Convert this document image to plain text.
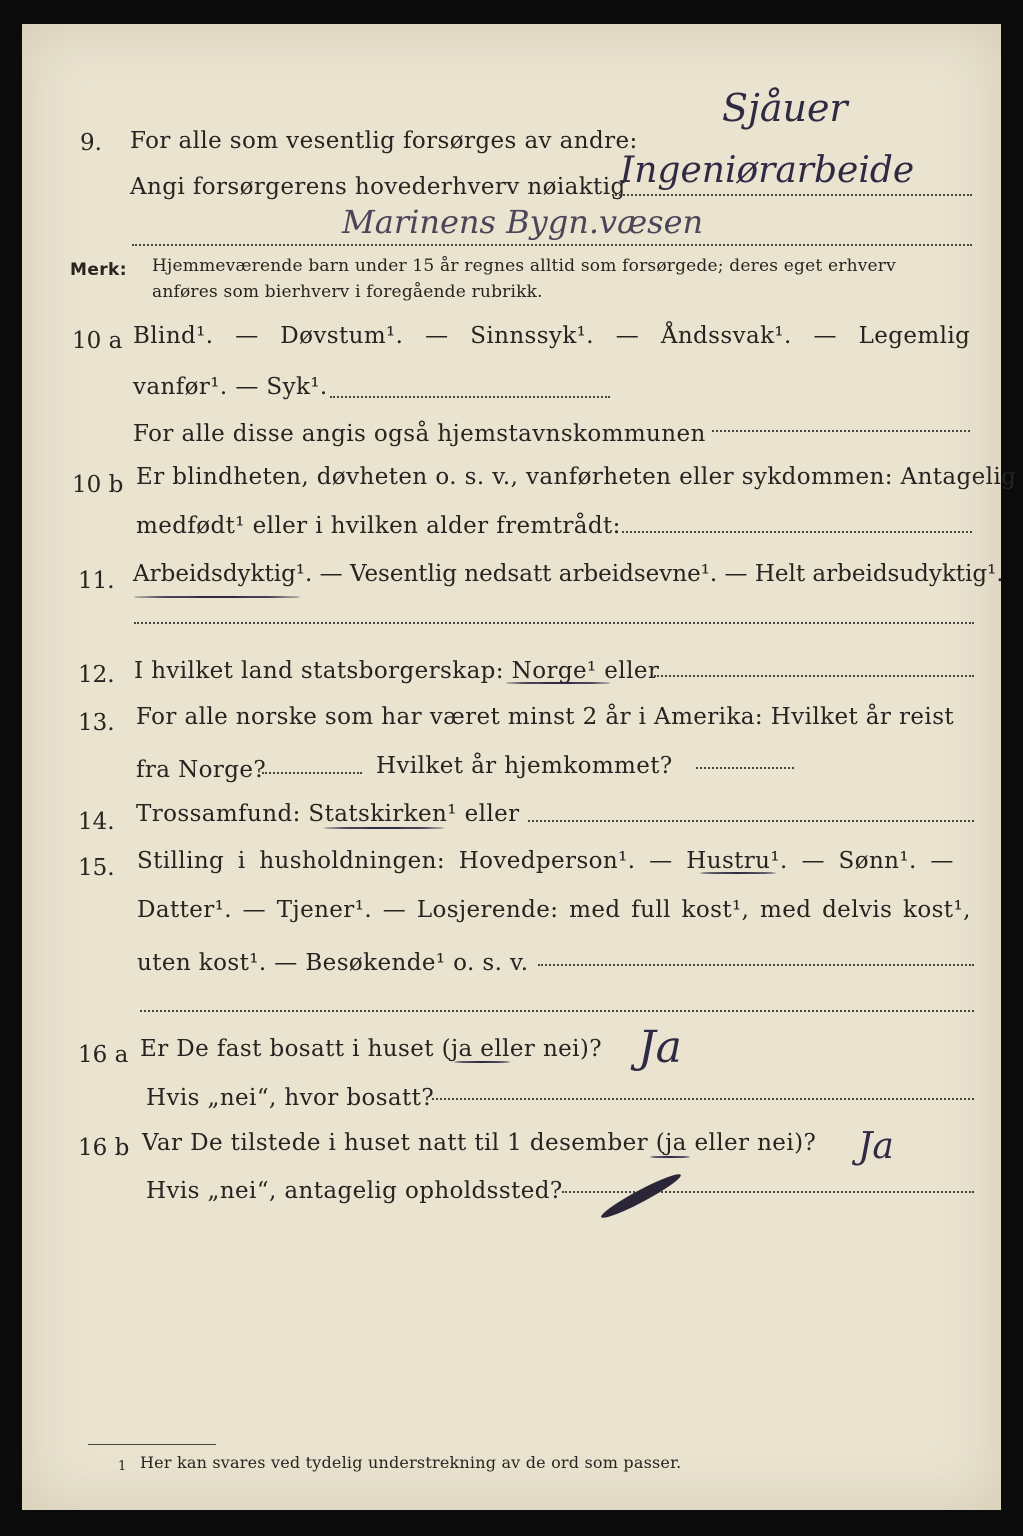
Sjåuer
9. For alle som vesentlig forsørges av andre:
Angi forsørgerens hovederhverv nøiaktig
Ingeniørarbeide
Marinens Bygn.væsen
Merk: Hjemmeværende barn under 15 år regnes alltid som forsørgede; deres eget erhverv
anføres som bierhverv i foregående rubrikk.
10 a Blind¹. — Døvstum¹. — Sinnssyk¹. — Åndssvak¹. — Legemlig
vanfør¹. — Syk¹.
For alle disse angis også hjemstavnskommunen
10 b Er blindheten, døvheten o. s. v., vanførheten eller sykdommen: Antagelig
medfødt¹ eller i hvilken alder fremtrådt:
11. Arbeidsdyktig¹. — Vesentlig nedsatt arbeidsevne¹. — Helt arbeidsudyktig¹.
12. I hvilket land statsborgerskap: Norge¹ eller
13. For alle norske som har været minst 2 år i Amerika: Hvilket år reist
fra Norge?	Hvilket år hjemkommet?
14. Trossamfund: Statskirken¹ eller
15. Stilling i husholdningen: Hovedperson¹. — Hustru¹. — Sønn¹. —
Datter¹. — Tjener¹. — Losjerende: med full kost¹, med delvis kost¹,
uten kost¹. — Besøkende¹ o. s. v.
16 a Er De fast bosatt i huset (ja eller nei)? Ja
Hvis „nei“, hvor bosatt?
16 b Var De tilstede i huset natt til 1 desember (ja eller nei)? Ja
Hvis „nei“, antagelig opholdssted?
1 Her kan svares ved tydelig understrekning av de ord som passer.
